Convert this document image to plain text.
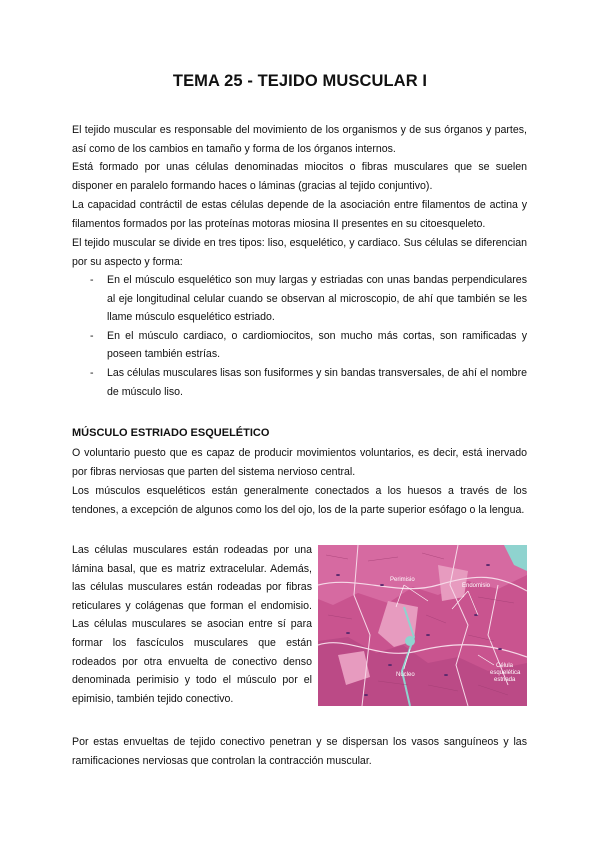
TEMA 25 - TEJIDO MUSCULAR I

El tejido muscular es responsable del movimiento de los organismos y de sus órganos y partes, así como de los cambios en tamaño y forma de los órganos internos.

Está formado por unas células denominadas miocitos o fibras musculares que se suelen disponer en paralelo formando haces o láminas (gracias al tejido conjuntivo).

La capacidad contráctil de estas células depende de la asociación entre filamentos de actina y filamentos formados por las proteínas motoras miosina II presentes en su citoesqueleto.

El tejido muscular se divide en tres tipos: liso, esquelético, y cardiaco. Sus células se diferencian por su aspecto y forma:

- En el músculo esquelético son muy largas y estriadas con unas bandas perpendiculares al eje longitudinal celular cuando se observan al microscopio, de ahí que también se les llame músculo esquelético estriado.
- En el músculo cardiaco, o cardiomiocitos, son mucho más cortas, son ramificadas y poseen también estrías.
- Las células musculares lisas son fusiformes y sin bandas transversales, de ahí el nombre de músculo liso.
MÚSCULO ESTRIADO ESQUELÉTICO

O voluntario puesto que es capaz de producir movimientos voluntarios, es decir, está inervado por fibras nerviosas que parten del sistema nervioso central.

Los músculos esqueléticos están generalmente conectados a los huesos a través de los tendones, a excepción de algunos como los del ojo, los de la parte superior esófago o la lengua.

Las células musculares están rodeadas por una lámina basal, que es matriz extracelular. Además, las células musculares están rodeadas por fibras reticulares y colágenas que forman el endomisio. Las células musculares se asocian entre sí para formar los fascículos musculares que están rodeados por otra envuelta de conectivo denso denominada perimisio y todo el músculo por el epimisio, también tejido conectivo.

Por estas envueltas de tejido conectivo penetran y se dispersan los vasos sanguíneos y las ramificaciones nerviosas que controlan la contracción muscular.

Perimisio
Endomisio
Núcleo
Célula
esquelética
estriada
